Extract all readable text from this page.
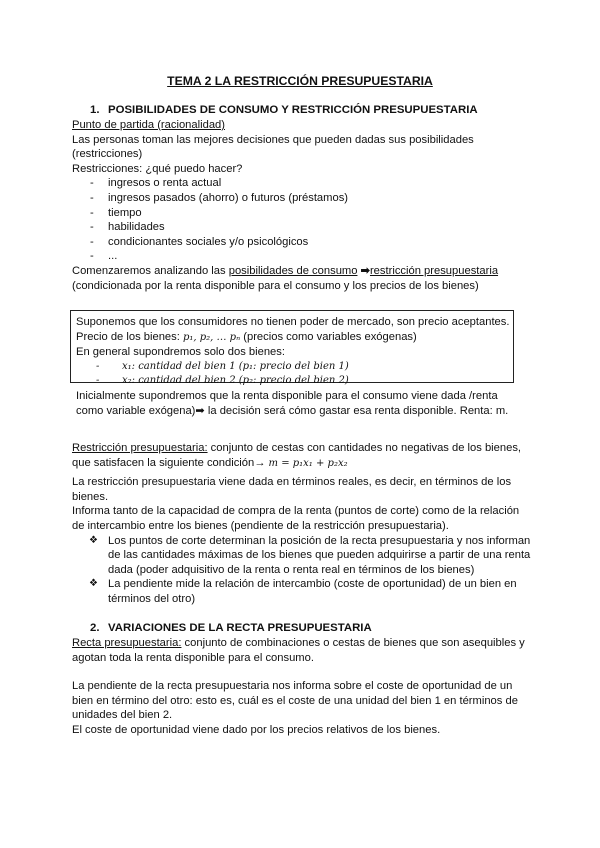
TEMA 2 LA RESTRICCIÓN PRESUPUESTARIA
1. POSIBILIDADES DE CONSUMO Y RESTRICCIÓN PRESUPUESTARIA
Punto de partida (racionalidad)
Las personas toman las mejores decisiones que pueden dadas sus posibilidades (restricciones)
Restricciones: ¿qué puedo hacer?
- ingresos o renta actual
- ingresos pasados (ahorro) o futuros (préstamos)
- tiempo
- habilidades
- condicionantes sociales y/o psicológicos
- ...
Comenzaremos analizando las posibilidades de consumo ➡restricción presupuestaria
(condicionada por la renta disponible para el consumo y los precios de los bienes)
Suponemos que los consumidores no tienen poder de mercado, son precio aceptantes.
Precio de los bienes: p₁, p₂, … pₙ (precios como variables exógenas)
En general supondremos solo dos bienes:
- x₁: cantidad del bien 1 (p₁: precio del bien 1)
- x₂: cantidad del bien 2 (p₂: precio del bien 2)
Inicialmente supondremos que la renta disponible para el consumo viene dada /renta
como variable exógena)➡ la decisión será cómo gastar esa renta disponible. Renta: m.
Restricción presupuestaria: conjunto de cestas con cantidades no negativas de los bienes,
que satisfacen la siguiente condición→ m = p₁x₁ + p₂x₂
La restricción presupuestaria viene dada en términos reales, es decir, en términos de los bienes.
Informa tanto de la capacidad de compra de la renta (puntos de corte) como de la relación de intercambio entre los bienes (pendiente de la restricción presupuestaria).
❖ Los puntos de corte determinan la posición de la recta presupuestaria y nos informan de las cantidades máximas de los bienes que pueden adquirirse a partir de una renta dada (poder adquisitivo de la renta o renta real en términos de los bienes)
❖ La pendiente mide la relación de intercambio (coste de oportunidad) de un bien en términos del otro)
2. VARIACIONES DE LA RECTA PRESUPUESTARIA
Recta presupuestaria: conjunto de combinaciones o cestas de bienes que son asequibles y agotan toda la renta disponible para el consumo.
La pendiente de la recta presupuestaria nos informa sobre el coste de oportunidad de un bien en término del otro: esto es, cuál es el coste de una unidad del bien 1 en términos de unidades del bien 2.
El coste de oportunidad viene dado por los precios relativos de los bienes.
